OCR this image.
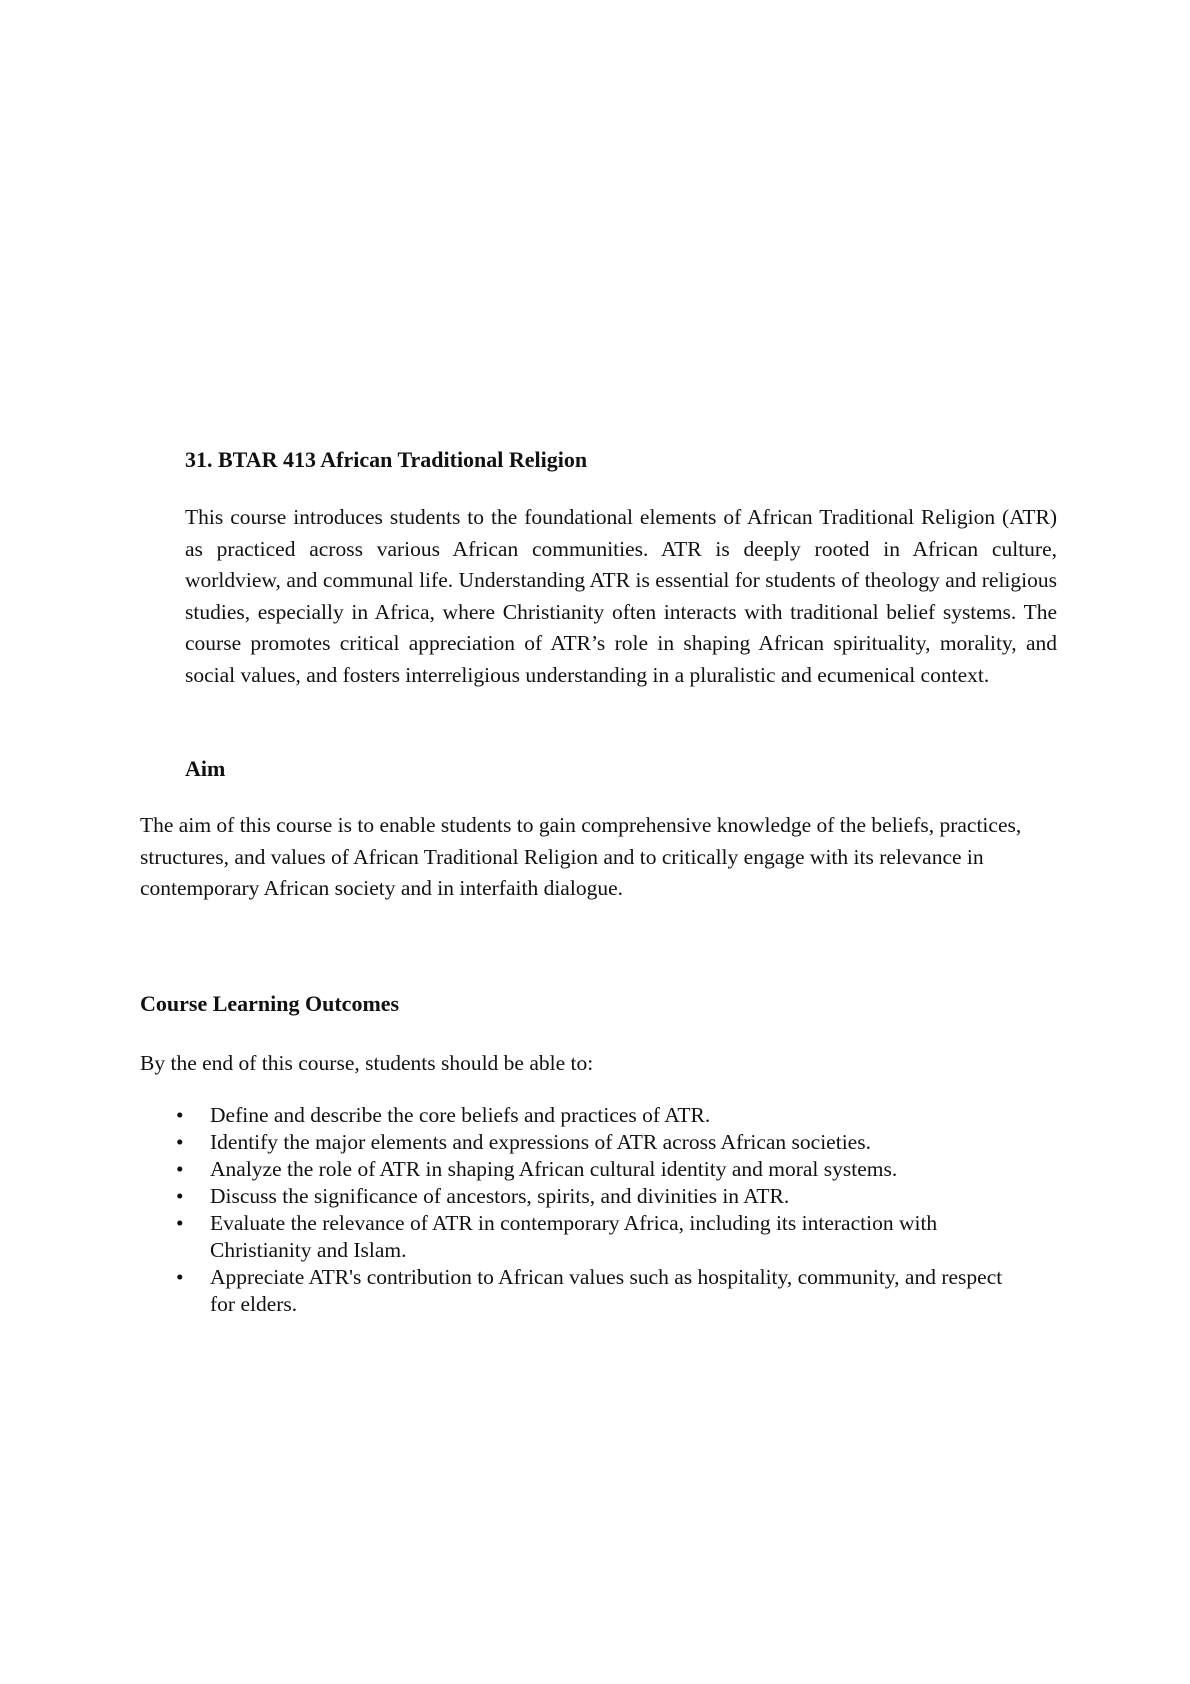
31. BTAR 413 African Traditional Religion

This course introduces students to the foundational elements of African Traditional Religion (ATR) as practiced across various African communities. ATR is deeply rooted in African culture, worldview, and communal life. Understanding ATR is essential for students of theology and religious studies, especially in Africa, where Christianity often interacts with traditional belief systems. The course promotes critical appreciation of ATR’s role in shaping African spirituality, morality, and social values, and fosters interreligious understanding in a pluralistic and ecumenical context.

Aim

The aim of this course is to enable students to gain comprehensive knowledge of the beliefs, practices, structures, and values of African Traditional Religion and to critically engage with its relevance in contemporary African society and in interfaith dialogue.

Course Learning Outcomes

By the end of this course, students should be able to:

•	Define and describe the core beliefs and practices of ATR.
•	Identify the major elements and expressions of ATR across African societies.
•	Analyze the role of ATR in shaping African cultural identity and moral systems.
•	Discuss the significance of ancestors, spirits, and divinities in ATR.
•	Evaluate the relevance of ATR in contemporary Africa, including its interaction with Christianity and Islam.
•	Appreciate ATR's contribution to African values such as hospitality, community, and respect for elders.
